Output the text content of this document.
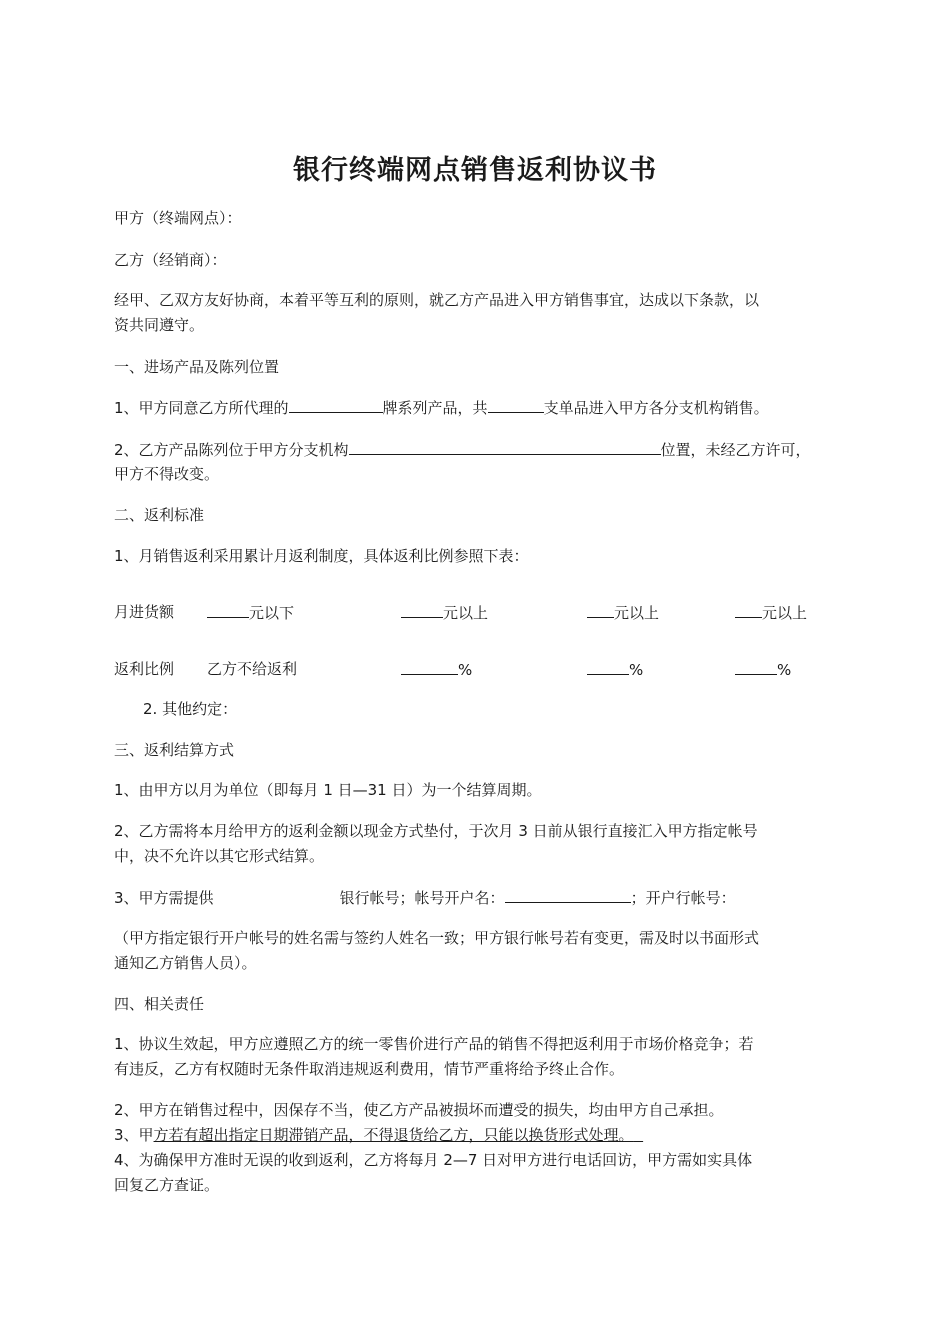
银行终端网点销售返利协议书
甲方（终端网点）：
乙方（经销商）：
经甲、乙双方友好协商，本着平等互利的原则，就乙方产品进入甲方销售事宜，达成以下条款，以
资共同遵守。
一、进场产品及陈列位置
1、甲方同意乙方所代理的	牌系列产品，共	支单品进入甲方各分支机构销售。
2、乙方产品陈列位于甲方分支机构	位置，未经乙方许可，
甲方不得改变。
二、返利标准
1、月销售返利采用累计月返利制度，具体返利比例参照下表：
月进货额	元以下	元以上	元以上	元以上
返利比例 乙方不给返利	%	%	%
2. 其他约定：
三、返利结算方式
1、由甲方以月为单位（即每月 1 日—31 日）为一个结算周期。
2、乙方需将本月给甲方的返利金额以现金方式垫付，于次月 3 日前从银行直接汇入甲方指定帐号
中，决不允许以其它形式结算。
3、甲方需提供	银行帐号；帐号开户名：	；开户行帐号：
（甲方指定银行开户帐号的姓名需与签约人姓名一致；甲方银行帐号若有变更，需及时以书面形式
通知乙方销售人员）。
四、相关责任
1、协议生效起，甲方应遵照乙方的统一零售价进行产品的销售不得把返利用于市场价格竞争；若
有违反，乙方有权随时无条件取消违规返利费用，情节严重将给予终止合作。
2、甲方在销售过程中，因保存不当，使乙方产品被损坏而遭受的损失，均由甲方自己承担。
3、甲方若有超出指定日期滞销产品，不得退货给乙方，只能以换货形式处理。
4、为确保甲方准时无误的收到返利，乙方将每月 2—7 日对甲方进行电话回访，甲方需如实具体
回复乙方查证。
